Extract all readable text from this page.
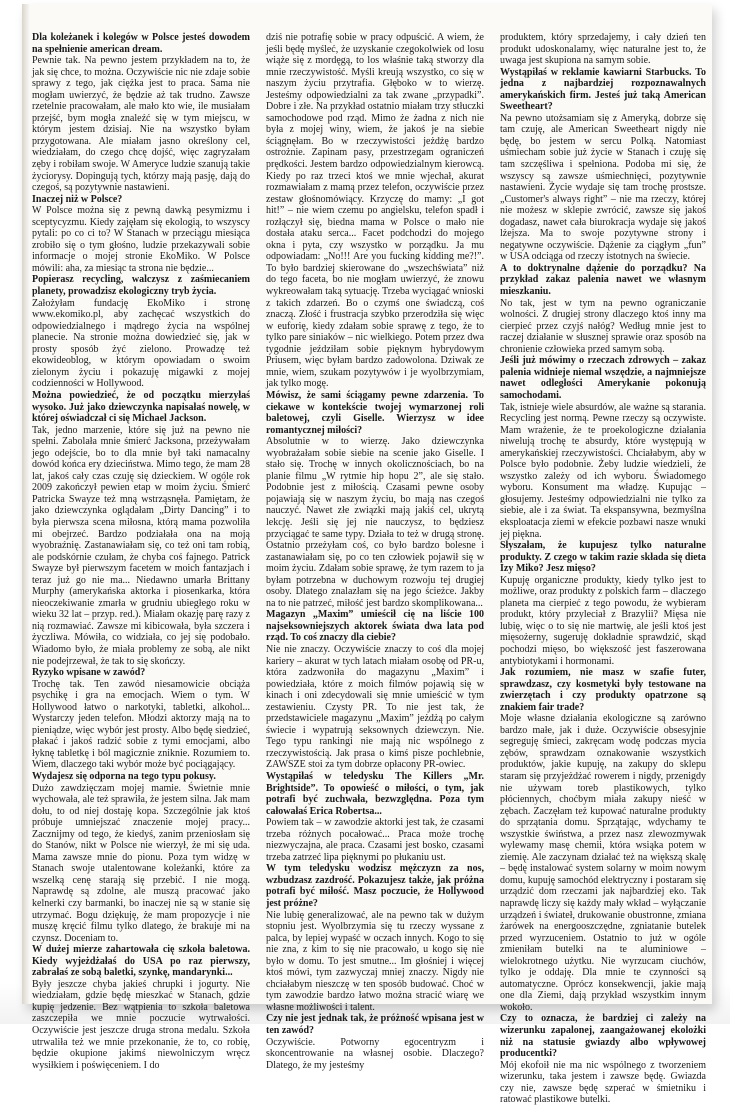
Dla koleżanek i kolegów w Polsce jesteś dowodem na spełnienie american dream.

Pewnie tak. Na pewno jestem przykładem na to, że jak się chce, to można. Oczywiście nic nie zdaje sobie sprawy z tego, jak ciężka jest to praca. Sama nie mogłam uwierzyć, że będzie aż tak trudno. Zawsze rzetelnie pracowałam, ale mało kto wie, ile musiałam przejść, bym mogła znaleźć się w tym miejscu, w którym jestem dzisiaj. Nie na wszystko byłam przygotowana. Ale miałam jasno określony cel, wiedziałam, do czego chcę dojść, więc zagryzałam zęby i robiłam swoje. W Ameryce ludzie szanują takie życiorysy. Dopingują tych, którzy mają pasję, dają do czegoś, są pozytywnie nastawieni.

Inaczej niż w Polsce?

W Polsce można się z pewną dawką pesymizmu i sceptycyzmu. Kiedy zajęłam się ekologią, to wszyscy pytali: po co ci to? W Stanach w przeciągu miesiąca zrobiło się o tym głośno, ludzie przekazywali sobie informacje o mojej stronie EkoMiko. W Polsce mówili: aha, za miesiąc ta strona nie będzie...

Popierasz recycling, walczysz z zaśmiecaniem planety, prowadzisz ekologiczny tryb życia.

Założyłam fundację EkoMiko i stronę www.ekomiko.pl, aby zachęcać wszystkich do odpowiedzialnego i mądrego życia na wspólnej planecie. Na stronie można dowiedzieć się, jak w prosty sposób żyć zielono. Prowadzę też ekowideoblog, w którym opowiadam o swoim zielonym życiu i pokazuję migawki z mojej codzienności w Hollywood.

Można powiedzieć, że od początku mierzyłaś wysoko. Już jako dziewczynka napisałaś nowelę, w której oświadczał ci się Michael Jackson.

Tak, jedno marzenie, które się już na pewno nie spełni. Zabolała mnie śmierć Jacksona, przeżywałam jego odejście, bo to dla mnie był taki namacalny dowód końca ery dzieciństwa. Mimo tego, że mam 28 lat, jakoś cały czas czuję się dzieckiem. W ogóle rok 2009 zakończył pewien etap w moim życiu. Śmierć Patricka Swayze też mną wstrząsnęła. Pamiętam, że jako dziewczynka oglądałam „Dirty Dancing” i to była pierwsza scena miłosna, którą mama pozwoliła mi obejrzeć. Bardzo podziałała ona na moją wyobraźnię. Zastanawiałam się, co też oni tam robią, ale podskórnie czułam, że chyba coś fajnego. Patrick Swayze był pierwszym facetem w moich fantazjach i teraz już go nie ma... Niedawno umarła Brittany Murphy (amerykańska aktorka i piosenkarka, która nieoczekiwanie zmarła w grudniu ubiegłego roku w wieku 32 lat – przyp. red.). Miałam okazję parę razy z nią rozmawiać. Zawsze mi kibicowała, była szczera i życzliwa. Mówiła, co widziała, co jej się podobało. Wiadomo było, że miała problemy ze sobą, ale nikt nie podejrzewał, że tak to się skończy.

Ryzyko wpisane w zawód?

Trochę tak. Ten zawód niesamowicie obciąża psychikę i gra na emocjach. Wiem o tym. W Hollywood łatwo o narkotyki, tabletki, alkohol... Wystarczy jeden telefon. Młodzi aktorzy mają na to pieniądze, więc wybór jest prosty. Albo będę siedzieć, płakać i jakoś radzić sobie z tymi emocjami, albo łyknę tabletkę i ból magicznie zniknie. Rozumiem to. Wiem, dlaczego taki wybór może być pociągający.

Wydajesz się odporna na tego typu pokusy.

Dużo zawdzięczam mojej mamie. Świetnie mnie wychowała, ale też sprawiła, że jestem silna. Jak mam dołu, to od niej dostaję kopa. Szczególnie jak ktoś próbuje umniejszać znaczenie mojej pracy... Zacznijmy od tego, że kiedyś, zanim przeniosłam się do Stanów, nikt w Polsce nie wierzył, że mi się uda. Mama zawsze mnie do pionu. Poza tym widzę w Stanach swoje utalentowane koleżanki, które za wszelką cenę starają się przebić. I nie mogą. Naprawdę są zdolne, ale muszą pracować jako kelnerki czy barmanki, bo inaczej nie są w stanie się utrzymać. Bogu dziękuję, że mam propozycje i nie muszę kręcić filmu tylko dlatego, że brakuje mi na czynsz. Doceniam to.

W dużej mierze zahartowała cię szkoła baletowa. Kiedy wyjeżdżałaś do USA po raz pierwszy, zabrałaś ze sobą baletki, szynkę, mandarynki...

Były jeszcze chyba jakieś chrupki i jogurty. Nie wiedziałam, gdzie będę mieszkać w Stanach, gdzie kupię jedzenie. Bez wątpienia to szkoła baletowa zaszczepiła we mnie poczucie wytrwałości. Oczywiście jest jeszcze druga strona medalu. Szkoła utrwaliła też we mnie przekonanie, że to, co robię, będzie okupione jakimś niewolniczym wręcz wysiłkiem i poświęceniem. I do

dziś nie potrafię sobie w pracy odpuścić. A wiem, że jeśli będę myśleć, że uzyskanie czegokolwiek od losu wiąże się z mordęgą, to los właśnie taką stworzy dla mnie rzeczywistość. Myśli kreują wszystko, co się w naszym życiu przytrafia. Głęboko w to wierzę. Jesteśmy odpowiedzialni za tak zwane „przypadki”. Dobre i złe. Na przykład ostatnio miałam trzy stłuczki samochodowe pod rząd. Mimo że żadna z nich nie była z mojej winy, wiem, że jakoś je na siebie ściągnęłam. Bo w rzeczywistości jeżdżę bardzo ostrożnie. Zapinam pasy, przestrzegam ograniczeń prędkości. Jestem bardzo odpowiedzialnym kierowcą. Kiedy po raz trzeci ktoś we mnie wjechał, akurat rozmawiałam z mamą przez telefon, oczywiście przez zestaw głośnomówiący. Krzyczę do mamy: „I got hit!” – nie wiem czemu po angielsku, telefon spadł i rozłączył się, biedna mama w Polsce o mało nie dostała ataku serca... Facet podchodzi do mojego okna i pyta, czy wszystko w porządku. Ja mu odpowiadam: „No!!! Are you fucking kidding me?!”. To było bardziej skierowane do „wszechświata” niż do tego faceta, bo nie mogłam uwierzyć, że znowu wykreowałam taką sytuację. Trzeba wyciągać wnioski z takich zdarzeń. Bo o czymś one świadczą, coś znaczą. Złość i frustracja szybko przerodziła się więc w euforię, kiedy zdałam sobie sprawę z tego, że to tylko pare siniaków – nic wielkiego. Potem przez dwa tygodnie jeździłam sobie pięknym hybrydowym Priusem, więc byłam bardzo zadowolona. Dziwak ze mnie, wiem, szukam pozytywów i je wyolbrzymiam, jak tylko mogę.

Mówisz, że sami ściągamy pewne zdarzenia. To ciekawe w kontekście twojej wymarzonej roli baletowej, czyli Giselle. Wierzysz w idee romantycznej miłości?

Absolutnie w to wierzę. Jako dziewczynka wyobrażałam sobie siebie na scenie jako Giselle. I stało się. Trochę w innych okolicznościach, bo na planie filmu „W rytmie hip hopu 2”, ale się stało. Podobnie jest z miłością. Czasami pewne osoby pojawiają się w naszym życiu, bo mają nas czegoś nauczyć. Nawet złe związki mają jakiś cel, ukrytą lekcję. Jeśli się jej nie nauczysz, to będziesz przyciągać te same typy. Działa to też w drugą stronę. Ostatnio przeżyłam coś, co było bardzo bolesne i zastanawiałam się, po co ten człowiek pojawił się w moim życiu. Zdałam sobie sprawę, że tym razem to ja byłam potrzebna w duchowym rozwoju tej drugiej osoby. Dlatego znalazłam się na jego ścieżce. Jakby na to nie patrzeć, miłość jest bardzo skomplikowana...

Magazyn „Maxim” umieścił cię na liście 100 najseksowniejszych aktorek świata dwa lata pod rząd. To coś znaczy dla ciebie?

Nie nie znaczy. Oczywiście znaczy to coś dla mojej kariery – akurat w tych latach miałam osobę od PR-u, która zadzwoniła do magazynu „Maxim” i powiedziała, które z moich filmów pojawią się w kinach i oni zdecydowali się mnie umieścić w tym zestawieniu. Czysty PR. To nie jest tak, że przedstawiciele magazynu „Maxim” jeżdżą po całym świecie i wypatrują seksownych dziewczyn. Nie. Tego typu rankingi nie mają nic wspólnego z rzeczywistością. Jak prasa o kimś pisze pochlebnie, ZAWSZE stoi za tym dobrze opłacony PR-owiec.

Wystąpiłaś w teledysku The Killers „Mr. Brightside”. To opowieść o miłości, o tym, jak potrafi być zuchwała, bezwzględna. Poza tym całowałaś Erica Robertsa...

Powiem tak – w zawodzie aktorki jest tak, że czasami trzeba różnych pocałować... Praca może trochę niezwyczajna, ale praca. Czasami jest bosko, czasami trzeba zatrzeć lipa pięknymi po płukaniu ust.

W tym teledysku wodzisz mężczyzn za nos, wzbudzasz zazdrość. Pokazujesz także, jak próżna potrafi być miłość. Masz poczucie, że Hollywood jest próżne?

Nie lubię generalizować, ale na pewno tak w dużym stopniu jest. Wyolbrzymia się tu rzeczy wyssane z palca, by lepiej wypaść w oczach innych. Kogo to się nie zna, z kim to się nie pracowało, u kogo się nie było w domu. To jest smutne... Im głośniej i więcej ktoś mówi, tym zazwyczaj mniej znaczy. Nigdy nie chciałabym nieszczę w ten sposób budować. Choć w tym zawodzie bardzo łatwo można stracić wiarę we własne możliwości i talent.

Czy nie jest jednak tak, że próżność wpisana jest w ten zawód?

Oczywiście. Potworny egocentryzm i skoncentrowanie na własnej osobie. Dlaczego? Dlatego, że my jesteśmy

produktem, który sprzedajemy, i cały dzień ten produkt udoskonalamy, więc naturalne jest to, że uwaga jest skupiona na samym sobie.

Wystąpiłaś w reklamie kawiarni Starbucks. To jedna z najbardziej rozpoznawalnych amerykańskich firm. Jesteś już taką American Sweetheart?

Na pewno utożsamiam się z Ameryką, dobrze się tam czuję, ale American Sweetheart nigdy nie będę, bo jestem w sercu Polką. Natomiast uśmiecham sobie już życie w Stanach i czuję się tam szczęśliwa i spełniona. Podoba mi się, że wszyscy są zawsze uśmiechnięci, pozytywnie nastawieni. Życie wydaje się tam trochę prostsze. „Customer's always right” – nie ma rzeczy, której nie możesz w sklepie zwrócić, zawsze się jakoś dogadasz, nawet cała biurokracja wydaje się jakoś lżejsza. Ma to swoje pozytywne strony i negatywne oczywiście. Dążenie za ciągłym „fun” w USA odciąga od rzeczy istotnych na świecie.

A to doktrynalne dążenie do porządku? Na przykład zakaz palenia nawet we własnym mieszkaniu.

No tak, jest w tym na pewno ograniczanie wolności. Z drugiej strony dlaczego ktoś inny ma cierpieć przez czyjś nałóg? Według mnie jest to raczej działanie w słusznej sprawie oraz sposób na chronienie człowieka przed samym sobą.

Jeśli już mówimy o rzeczach zdrowych – zakaz palenia widnieje niemal wszędzie, a najmniejsze nawet odległości Amerykanie pokonują samochodami.

Tak, istnieje wiele absurdów, ale ważne są starania. Recycling jest normą. Pewne rzeczy są oczywiste. Mam wrażenie, że te proekologiczne działania niwelują trochę te absurdy, które występują w amerykańskiej rzeczywistości. Chciałabym, aby w Polsce było podobnie. Żeby ludzie wiedzieli, że wszystko zależy od ich wyboru. Świadomego wyboru. Konsument ma władzę. Kupując – głosujemy. Jesteśmy odpowiedzialni nie tylko za siebie, ale i za świat. Ta ekspansywna, bezmyślna eksploatacja ziemi w efekcie pozbawi nasze wnuki jej piękna.

Słyszałam, że kupujesz tylko naturalne produkty. Z czego w takim razie składa się dieta Izy Miko? Jesz mięso?

Kupuję organiczne produkty, kiedy tylko jest to możliwe, oraz produkty z polskich farm – dlaczego planeta ma cierpieć z tego powodu, że wybieram produkt, który przyleciał z Brazylii? Mięsa nie lubię, więc o to się nie martwię, ale jeśli ktoś jest mięsożerny, sugeruję dokładnie sprawdzić, skąd pochodzi mięso, bo większość jest faszerowana antybiotykami i hormonami.

Jak rozumiem, nie masz w szafie futer, sprawdzasz, czy kosmetyki były testowane na zwierzętach i czy produkty opatrzone są znakiem fair trade?

Moje własne działania ekologiczne są zarówno bardzo małe, jak i duże. Oczywiście obsesyjnie segreguję śmieci, zakręcam wodę podczas mycia zębów, sprawdzam oznakowanie wszystkich produktów, jakie kupuję, na zakupy do sklepu staram się przyjeżdżać rowerem i nigdy, przenigdy nie używam toreb plastikowych, tylko płóciennych, choćbym miała zakupy nieść w zębach. Zaczęłam też kupować naturalne produkty do sprzątania domu. Sprzątając, wdychamy te wszystkie świństwa, a przez nasz zlewozmywak wylewamy masę chemii, która wsiąka potem w ziemię. Ale zaczynam działać też na większą skalę – będę instalować system solarny w moim nowym domu, kupuję samochód elektryczny i postaram się urządzić dom rzeczami jak najbardziej eko. Tak naprawdę liczy się każdy mały wkład – wyłączanie urządzeń i świateł, drukowanie obustronne, zmiana żarówek na energooszczędne, zgniatanie butelek przed wyrzuceniem. Ostatnio to już w ogóle zmieniłam butelki na te aluminiowe – wielokrotnego użytku. Nie wyrzucam ciuchów, tylko je oddaję. Dla mnie te czynności są automatyczne. Oprócz konsekwencji, jakie mają one dla Ziemi, dają przykład wszystkim innym wokoło.

Czy to oznacza, że bardziej ci zależy na wizerunku zapalonej, zaangażowanej ekolożki niż na statusie gwiazdy albo wpływowej producentki?

Mój ekofoił nie ma nic wspólnego z tworzeniem wizerunku, taka jestem i zawsze będę. Gwiazda czy nie, zawsze będę szperać w śmietniku i ratować plastikowe butelki.
